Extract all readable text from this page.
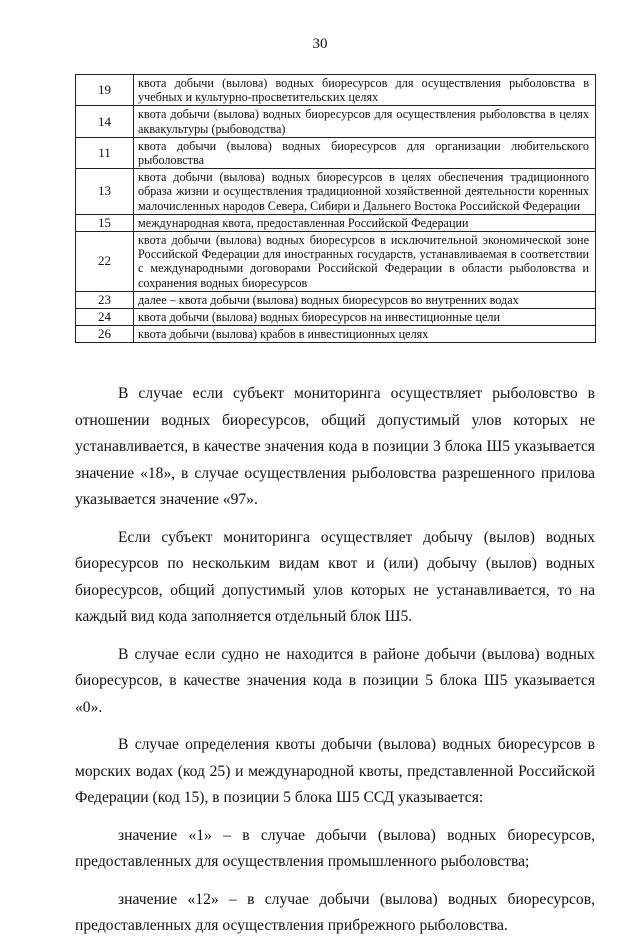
30
19	квота добычи (вылова) водных биоресурсов для осуществления рыболовства в учебных и культурно-просветительских целях
14	квота добычи (вылова) водных биоресурсов для осуществления рыболовства в целях аквакультуры (рыбоводства)
11	квота добычи (вылова) водных биоресурсов для организации любительского рыболовства
13	квота добычи (вылова) водных биоресурсов в целях обеспечения традиционного образа жизни и осуществления традиционной хозяйственной деятельности коренных малочисленных народов Севера, Сибири и Дальнего Востока Российской Федерации
15	международная квота, предоставленная Российской Федерации
22	квота добычи (вылова) водных биоресурсов в исключительной экономической зоне Российской Федерации для иностранных государств, устанавливаемая в соответствии с международными договорами Российской Федерации в области рыболовства и сохранения водных биоресурсов
23	далее – квота добычи (вылова) водных биоресурсов во внутренних водах
24	квота добычи (вылова) водных биоресурсов на инвестиционные цели
26	квота добычи (вылова) крабов в инвестиционных целях

В случае если субъект мониторинга осуществляет рыболовство в отношении водных биоресурсов, общий допустимый улов которых не устанавливается, в качестве значения кода в позиции 3 блока Ш5 указывается значение «18», в случае осуществления рыболовства разрешенного прилова указывается значение «97».

Если субъект мониторинга осуществляет добычу (вылов) водных биоресурсов по нескольким видам квот и (или) добычу (вылов) водных биоресурсов, общий допустимый улов которых не устанавливается, то на каждый вид кода заполняется отдельный блок Ш5.

В случае если судно не находится в районе добычи (вылова) водных биоресурсов, в качестве значения кода в позиции 5 блока Ш5 указывается «0».

В случае определения квоты добычи (вылова) водных биоресурсов в морских водах (код 25) и международной квоты, представленной Российской Федерации (код 15), в позиции 5 блока Ш5 ССД указывается:

значение «1» – в случае добычи (вылова) водных биоресурсов, предоставленных для осуществления промышленного рыболовства;

значение «12» – в случае добычи (вылова) водных биоресурсов, предоставленных для осуществления прибрежного рыболовства.
